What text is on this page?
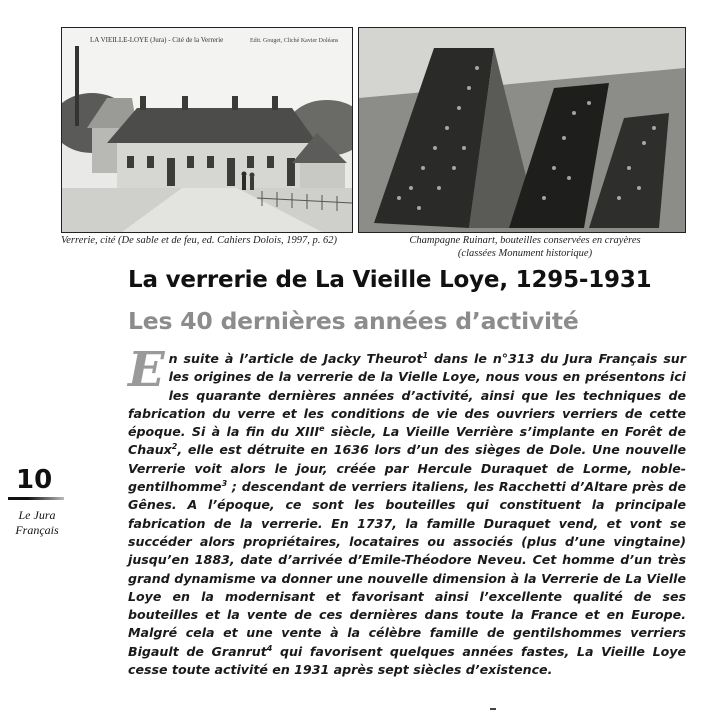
LA VIEILLE-LOYE (Jura) - Cité de la Verrerie	Edit. Gouget, Cliché Kavier Doléans
Verrerie, cité (De sable et de feu, ed. Cahiers Dolois, 1997, p. 62)	Champagne Ruinart, bouteilles conservées en crayères (classées Monument historique)
10
Le Jura
Français
La verrerie de La Vieille Loye, 1295-1931
Les 40 dernières années d’activité
En suite à l’article de Jacky Theurot$^1$ dans le n°313 du Jura Français sur les origines de la verrerie de la Vielle Loye, nous vous en présentons ici les quarante dernières années d’activité, ainsi que les techniques de fabrication du verre et les conditions de vie des ouvriers verriers de cette époque. Si à la fin du XIIIe siècle, La Vieille Verrière s’implante en Forêt de Chaux$^2$, elle est détruite en 1636 lors d’un des sièges de Dole. Une nouvelle Verrerie voit alors le jour, créée par Hercule Duraquet de Lorme, noble-gentilhomme$^3$ ; descendant de verriers italiens, les Racchetti d’Altare près de Gênes. A l’époque, ce sont les bouteilles qui constituent la principale fabrication de la verrerie. En 1737, la famille Duraquet vend, et vont se succéder alors propriétaires, locataires ou associés (plus d’une vingtaine) jusqu’en 1883, date d’arrivée d’Emile-Théodore Neveu. Cet homme d’un très grand dynamisme va donner une nouvelle dimension à la Verrerie de La Vielle Loye en la modernisant et favorisant ainsi l’excellente qualité de ses bouteilles et la vente de ces dernières dans toute la France et en Europe. Malgré cela et une vente à la célèbre famille de gentilshommes verriers Bigault de Granrut$^4$ qui favorisent quelques années fastes, La Vieille Loye cesse toute activité en 1931 après sept siècles d’existence.
